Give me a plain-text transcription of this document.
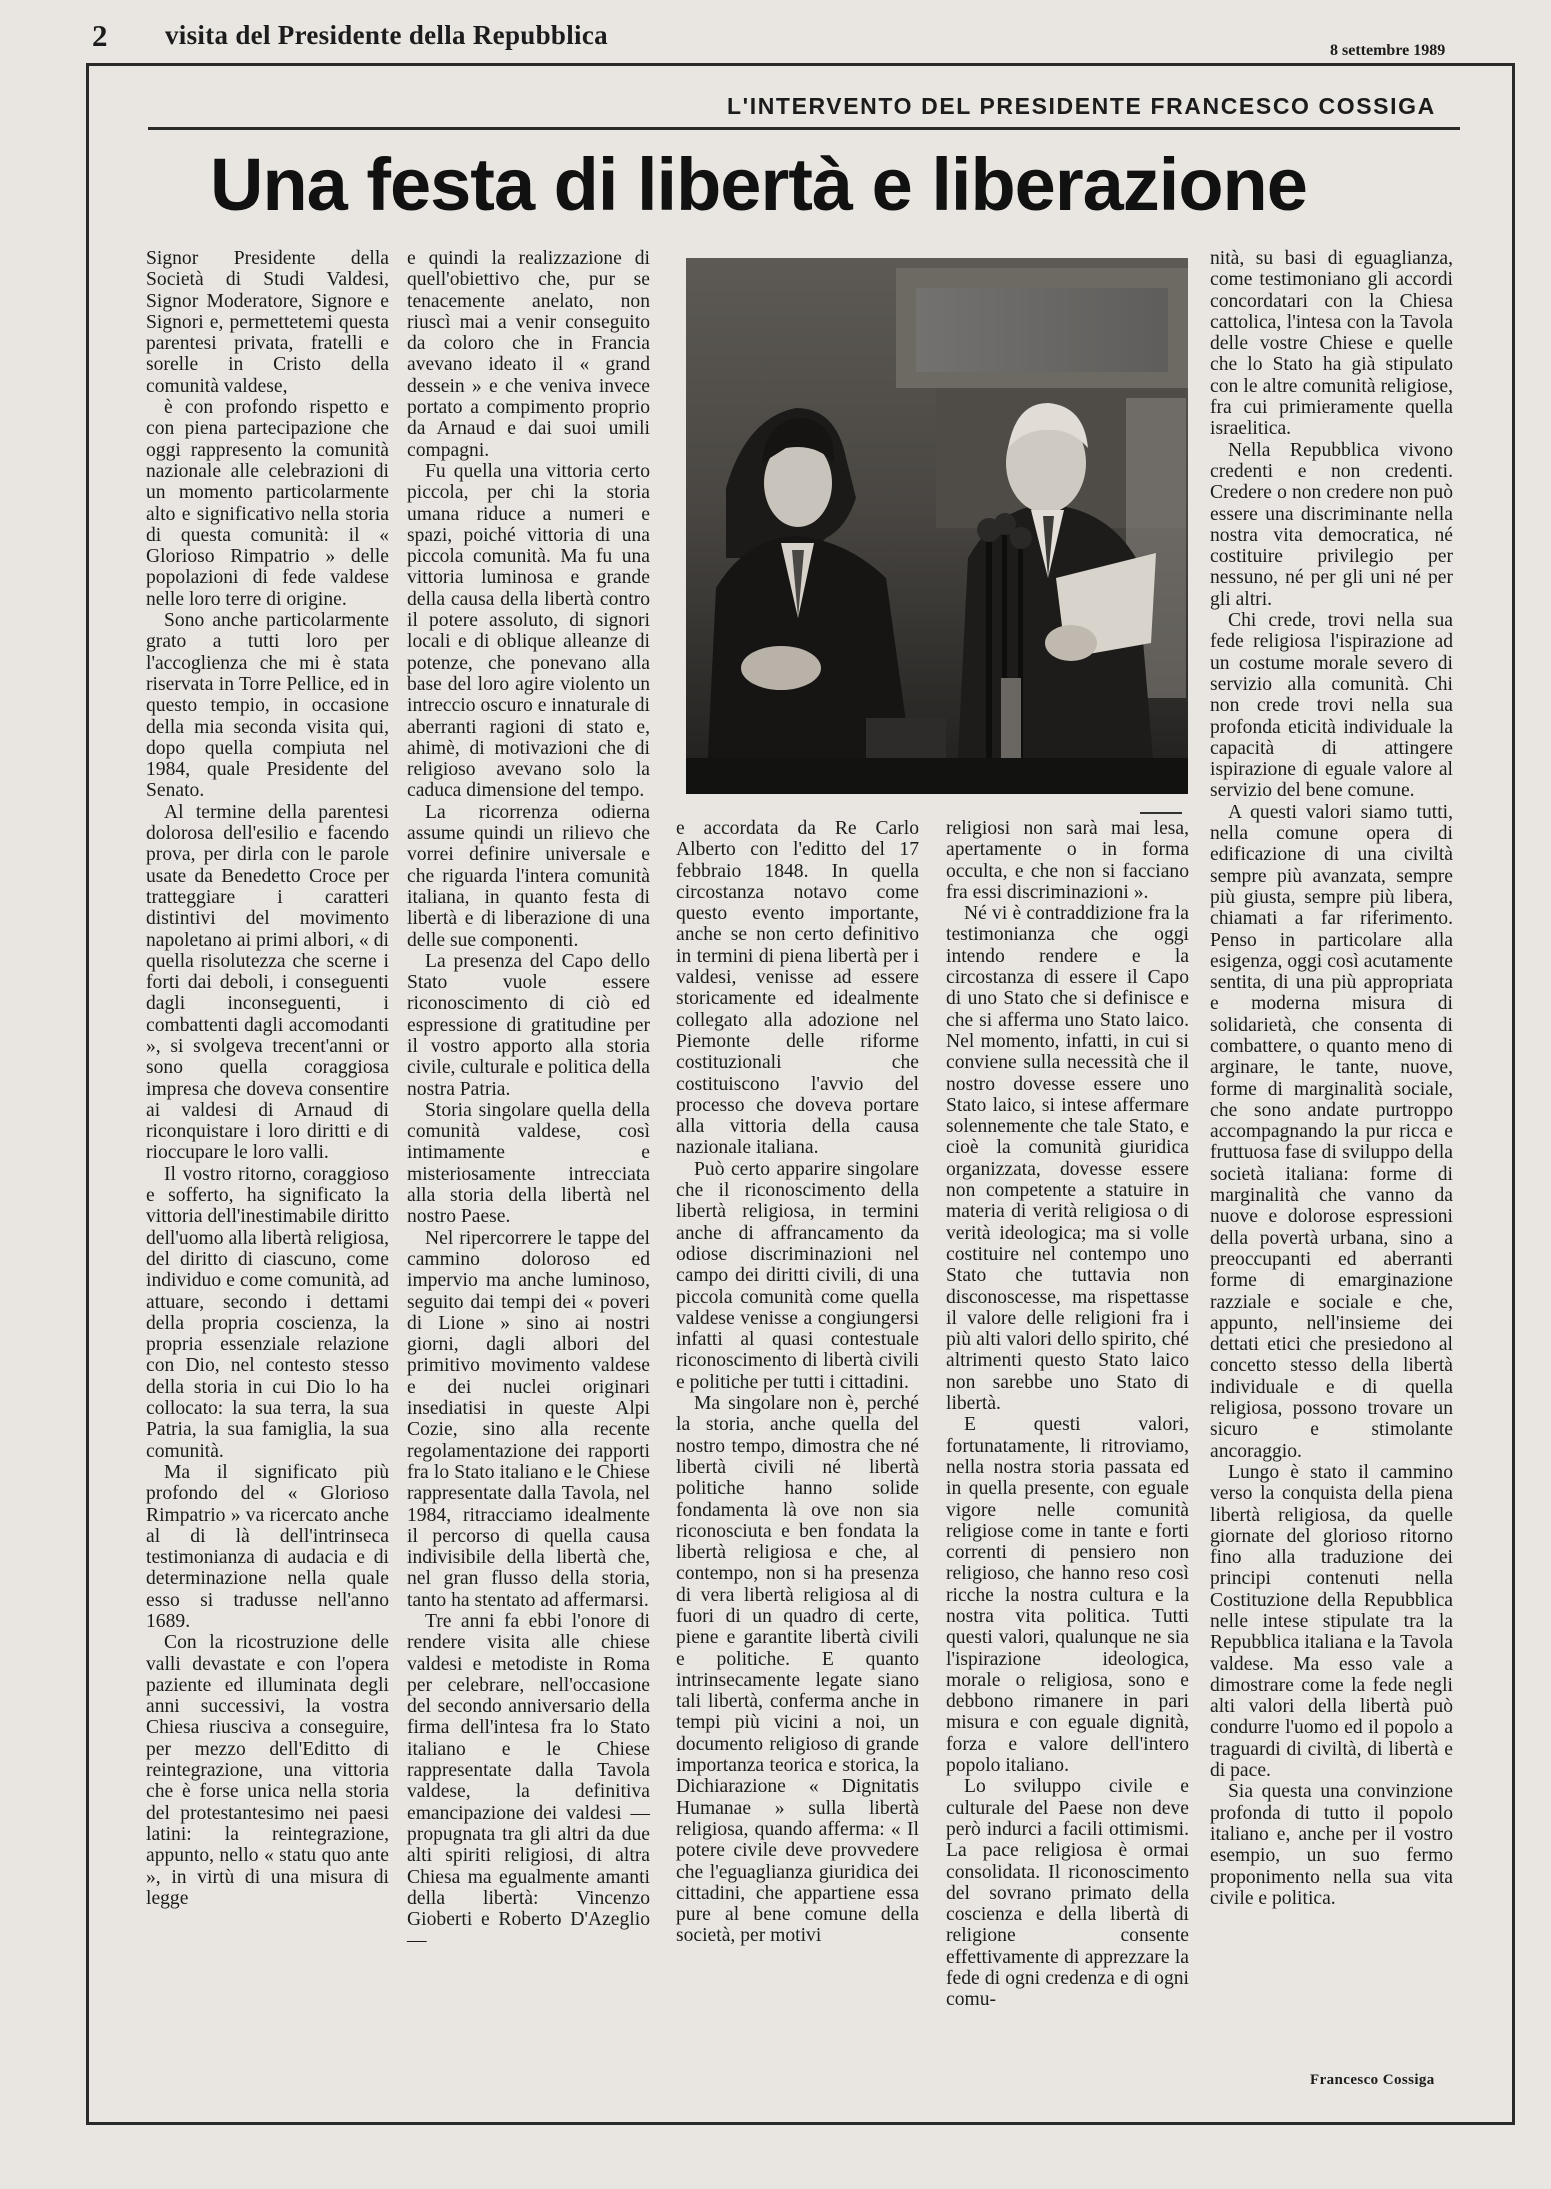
2 visita del Presidente della Repubblica
8 settembre 1989
L'INTERVENTO DEL PRESIDENTE FRANCESCO COSSIGA
Una festa di libertà e liberazione

Signor Presidente della Società di Studi Valdesi, Signor Moderatore, Signore e Signori e, permettetemi questa parentesi privata, fratelli e sorelle in Cristo della comunità valdese,

è con profondo rispetto e con piena partecipazione che oggi rappresento la comunità nazionale alle celebrazioni di un momento particolarmente alto e significativo nella storia di questa comunità: il « Glorioso Rimpatrio » delle popolazioni di fede valdese nelle loro terre di origine.

Sono anche particolarmente grato a tutti loro per l'accoglienza che mi è stata riservata in Torre Pellice, ed in questo tempio, in occasione della mia seconda visita qui, dopo quella compiuta nel 1984, quale Presidente del Senato.

Al termine della parentesi dolorosa dell'esilio e facendo prova, per dirla con le parole usate da Benedetto Croce per tratteggiare i caratteri distintivi del movimento napoletano ai primi albori, « di quella risolutezza che scerne i forti dai deboli, i conseguenti dagli inconseguenti, i combattenti dagli accomodanti », si svolgeva trecent'anni or sono quella coraggiosa impresa che doveva consentire ai valdesi di Arnaud di riconquistare i loro diritti e di rioccupare le loro valli.

Il vostro ritorno, coraggioso e sofferto, ha significato la vittoria dell'inestimabile diritto dell'uomo alla libertà religiosa, del diritto di ciascuno, come individuo e come comunità, ad attuare, secondo i dettami della propria coscienza, la propria essenziale relazione con Dio, nel contesto stesso della storia in cui Dio lo ha collocato: la sua terra, la sua Patria, la sua famiglia, la sua comunità.

Ma il significato più profondo del « Glorioso Rimpatrio » va ricercato anche al di là dell'intrinseca testimonianza di audacia e di determinazione nella quale esso si tradusse nell'anno 1689.

Con la ricostruzione delle valli devastate e con l'opera paziente ed illuminata degli anni successivi, la vostra Chiesa riusciva a conseguire, per mezzo dell'Editto di reintegrazione, una vittoria che è forse unica nella storia del protestantesimo nei paesi latini: la reintegrazione, appunto, nello « statu quo ante », in virtù di una misura di legge

e quindi la realizzazione di quell'obiettivo che, pur se tenacemente anelato, non riuscì mai a venir conseguito da coloro che in Francia avevano ideato il « grand dessein » e che veniva invece portato a compimento proprio da Arnaud e dai suoi umili compagni.

Fu quella una vittoria certo piccola, per chi la storia umana riduce a numeri e spazi, poiché vittoria di una piccola comunità. Ma fu una vittoria luminosa e grande della causa della libertà contro il potere assoluto, di signori locali e di oblique alleanze di potenze, che ponevano alla base del loro agire violento un intreccio oscuro e innaturale di aberranti ragioni di stato e, ahimè, di motivazioni che di religioso avevano solo la caduca dimensione del tempo.

La ricorrenza odierna assume quindi un rilievo che vorrei definire universale e che riguarda l'intera comunità italiana, in quanto festa di libertà e di liberazione di una delle sue componenti.

La presenza del Capo dello Stato vuole essere riconoscimento di ciò ed espressione di gratitudine per il vostro apporto alla storia civile, culturale e politica della nostra Patria.

Storia singolare quella della comunità valdese, così intimamente e misteriosamente intrecciata alla storia della libertà nel nostro Paese.

Nel ripercorrere le tappe del cammino doloroso ed impervio ma anche luminoso, seguito dai tempi dei « poveri di Lione » sino ai nostri giorni, dagli albori del primitivo movimento valdese e dei nuclei originari insediatisi in queste Alpi Cozie, sino alla recente regolamentazione dei rapporti fra lo Stato italiano e le Chiese rappresentate dalla Tavola, nel 1984, ritracciamo idealmente il percorso di quella causa indivisibile della libertà che, nel gran flusso della storia, tanto ha stentato ad affermarsi.

Tre anni fa ebbi l'onore di rendere visita alle chiese valdesi e metodiste in Roma per celebrare, nell'occasione del secondo anniversario della firma dell'intesa fra lo Stato italiano e le Chiese rappresentate dalla Tavola valdese, la definitiva emancipazione dei valdesi — propugnata tra gli altri da due alti spiriti religiosi, di altra Chiesa ma egualmente amanti della libertà: Vincenzo Gioberti e Roberto D'Azeglio —

e accordata da Re Carlo Alberto con l'editto del 17 febbraio 1848. In quella circostanza notavo come questo evento importante, anche se non certo definitivo in termini di piena libertà per i valdesi, venisse ad essere storicamente ed idealmente collegato alla adozione nel Piemonte delle riforme costituzionali che costituiscono l'avvio del processo che doveva portare alla vittoria della causa nazionale italiana.

Può certo apparire singolare che il riconoscimento della libertà religiosa, in termini anche di affrancamento da odiose discriminazioni nel campo dei diritti civili, di una piccola comunità come quella valdese venisse a congiungersi infatti al quasi contestuale riconoscimento di libertà civili e politiche per tutti i cittadini.

Ma singolare non è, perché la storia, anche quella del nostro tempo, dimostra che né libertà civili né libertà politiche hanno solide fondamenta là ove non sia riconosciuta e ben fondata la libertà religiosa e che, al contempo, non si ha presenza di vera libertà religiosa al di fuori di un quadro di certe, piene e garantite libertà civili e politiche. E quanto intrinsecamente legate siano tali libertà, conferma anche in tempi più vicini a noi, un documento religioso di grande importanza teorica e storica, la Dichiarazione « Dignitatis Humanae » sulla libertà religiosa, quando afferma: « Il potere civile deve provvedere che l'eguaglianza giuridica dei cittadini, che appartiene essa pure al bene comune della società, per motivi

religiosi non sarà mai lesa, apertamente o in forma occulta, e che non si facciano fra essi discriminazioni ».

Né vi è contraddizione fra la testimonianza che oggi intendo rendere e la circostanza di essere il Capo di uno Stato che si definisce e che si afferma uno Stato laico. Nel momento, infatti, in cui si conviene sulla necessità che il nostro dovesse essere uno Stato laico, si intese affermare solennemente che tale Stato, e cioè la comunità giuridica organizzata, dovesse essere non competente a statuire in materia di verità religiosa o di verità ideologica; ma si volle costituire nel contempo uno Stato che tuttavia non disconoscesse, ma rispettasse il valore delle religioni fra i più alti valori dello spirito, ché altrimenti questo Stato laico non sarebbe uno Stato di libertà.

E questi valori, fortunatamente, li ritroviamo, nella nostra storia passata ed in quella presente, con eguale vigore nelle comunità religiose come in tante e forti correnti di pensiero non religioso, che hanno reso così ricche la nostra cultura e la nostra vita politica. Tutti questi valori, qualunque ne sia l'ispirazione ideologica, morale o religiosa, sono e debbono rimanere in pari misura e con eguale dignità, forza e valore dell'intero popolo italiano.

Lo sviluppo civile e culturale del Paese non deve però indurci a facili ottimismi. La pace religiosa è ormai consolidata. Il riconoscimento del sovrano primato della coscienza e della libertà di religione consente effettivamente di apprezzare la fede di ogni credenza e di ogni comu-

nità, su basi di eguaglianza, come testimoniano gli accordi concordatari con la Chiesa cattolica, l'intesa con la Tavola delle vostre Chiese e quelle che lo Stato ha già stipulato con le altre comunità religiose, fra cui primieramente quella israelitica.

Nella Repubblica vivono credenti e non credenti. Credere o non credere non può essere una discriminante nella nostra vita democratica, né costituire privilegio per nessuno, né per gli uni né per gli altri.

Chi crede, trovi nella sua fede religiosa l'ispirazione ad un costume morale severo di servizio alla comunità. Chi non crede trovi nella sua profonda eticità individuale la capacità di attingere ispirazione di eguale valore al servizio del bene comune.

A questi valori siamo tutti, nella comune opera di edificazione di una civiltà sempre più avanzata, sempre più giusta, sempre più libera, chiamati a far riferimento. Penso in particolare alla esigenza, oggi così acutamente sentita, di una più appropriata e moderna misura di solidarietà, che consenta di combattere, o quanto meno di arginare, le tante, nuove, forme di marginalità sociale, che sono andate purtroppo accompagnando la pur ricca e fruttuosa fase di sviluppo della società italiana: forme di marginalità che vanno da nuove e dolorose espressioni della povertà urbana, sino a preoccupanti ed aberranti forme di emarginazione razziale e sociale e che, appunto, nell'insieme dei dettati etici che presiedono al concetto stesso della libertà individuale e di quella religiosa, possono trovare un sicuro e stimolante ancoraggio.

Lungo è stato il cammino verso la conquista della piena libertà religiosa, da quelle giornate del glorioso ritorno fino alla traduzione dei principi contenuti nella Costituzione della Repubblica nelle intese stipulate tra la Repubblica italiana e la Tavola valdese. Ma esso vale a dimostrare come la fede negli alti valori della libertà può condurre l'uomo ed il popolo a traguardi di civiltà, di libertà e di pace.

Sia questa una convinzione profonda di tutto il popolo italiano e, anche per il vostro esempio, un suo fermo proponimento nella sua vita civile e politica.

Francesco Cossiga
